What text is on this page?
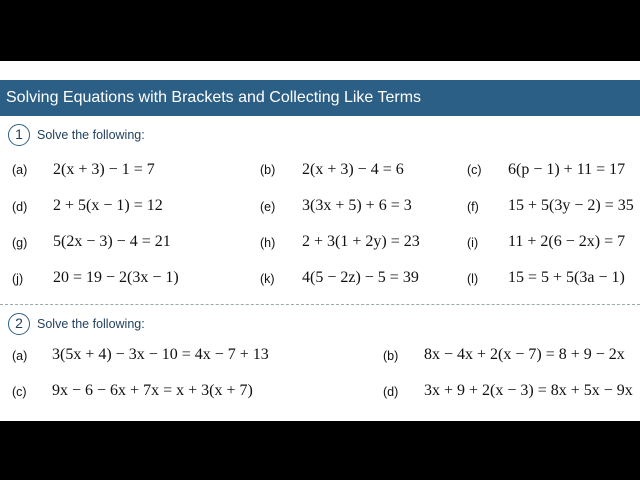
Solving Equations with Brackets and Collecting Like Terms
1	Solve the following:
(a) 2(x + 3) − 1 = 7	(b) 2(x + 3) − 4 = 6	(c) 6(p − 1) + 11 = 17
(d) 2 + 5(x − 1) = 12	(e) 3(3x + 5) + 6 = 3	(f) 15 + 5(3y − 2) = 35
(g) 5(2x − 3) − 4 = 21	(h) 2 + 3(1 + 2y) = 23	(i) 11 + 2(6 − 2x) = 7
(j) 20 = 19 − 2(3x − 1)	(k) 4(5 − 2z) − 5 = 39	(l) 15 = 5 + 5(3a − 1)
2	Solve the following:
(a) 3(5x + 4) − 3x − 10 = 4x − 7 + 13	(b) 8x − 4x + 2(x − 7) = 8 + 9 − 2x
(c) 9x − 6 − 6x + 7x = x + 3(x + 7)	(d) 3x + 9 + 2(x − 3) = 8x + 5x − 9x
